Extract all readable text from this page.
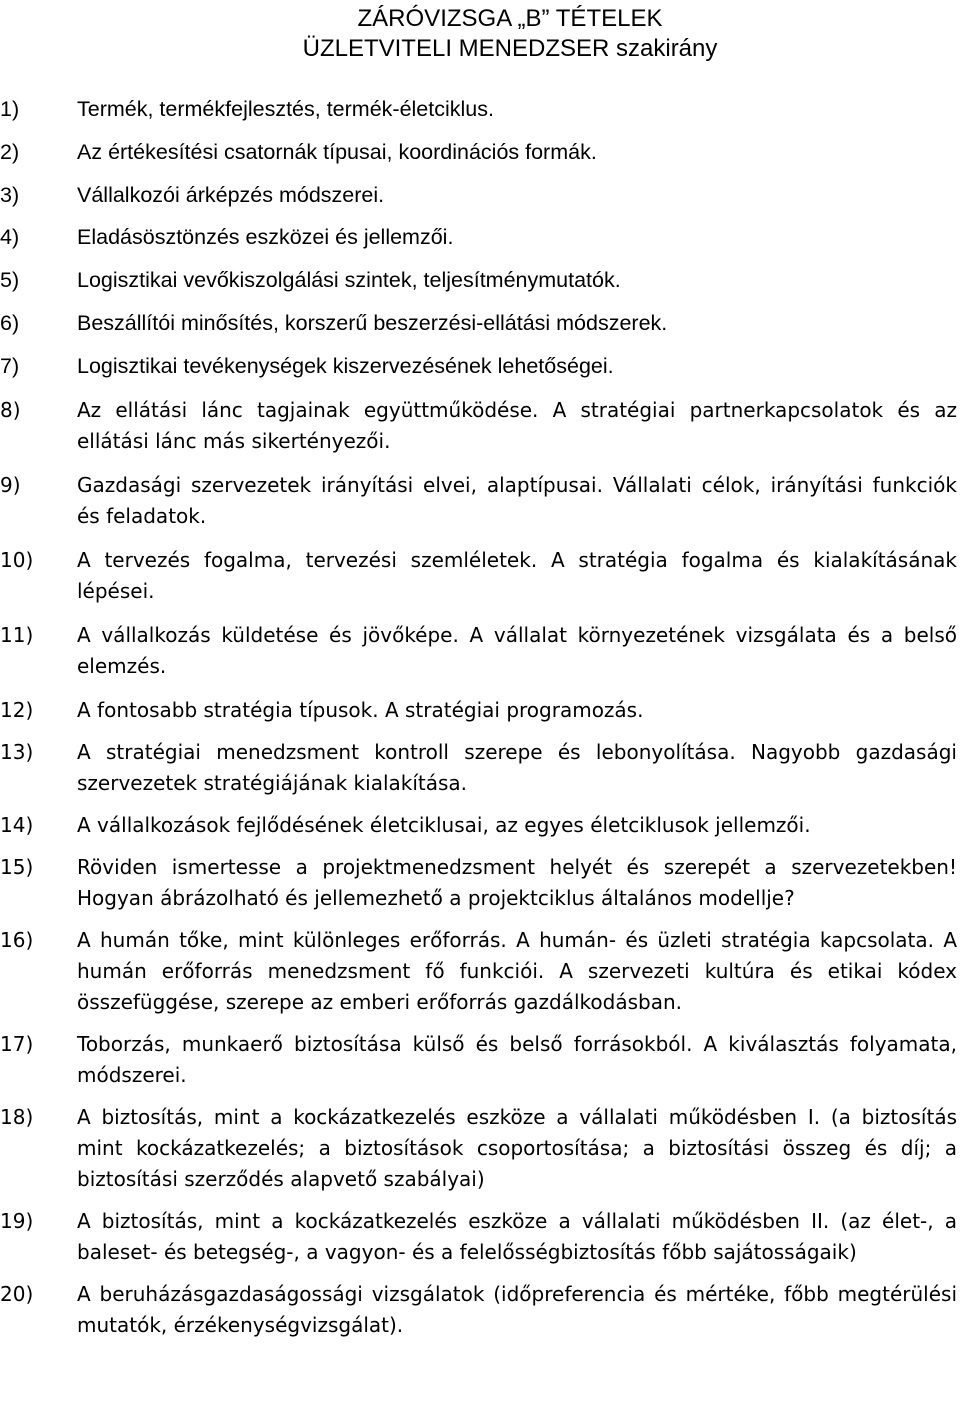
ZÁRÓVIZSGA „B” TÉTELEK
ÜZLETVITELI MENEDZSER szakirány
1)	Termék, termékfejlesztés, termék-életciklus.
2)	Az értékesítési csatornák típusai, koordinációs formák.
3)	Vállalkozói árképzés módszerei.
4)	Eladásösztönzés eszközei és jellemzői.
5)	Logisztikai vevőkiszolgálási szintek, teljesítménymutatók.
6)	Beszállítói minősítés, korszerű beszerzési-ellátási módszerek.
7)	Logisztikai tevékenységek kiszervezésének lehetőségei.
8)	Az ellátási lánc tagjainak együttműködése. A stratégiai partnerkapcsolatok és az ellátási lánc más sikertényezői.
9)	Gazdasági szervezetek irányítási elvei, alaptípusai. Vállalati célok, irányítási funkciók és feladatok.
10)	A tervezés fogalma, tervezési szemléletek. A stratégia fogalma és kialakításának lépései.
11)	A vállalkozás küldetése és jövőképe. A vállalat környezetének vizsgálata és a belső elemzés.
12)	A fontosabb stratégia típusok. A stratégiai programozás.
13)	A stratégiai menedzsment kontroll szerepe és lebonyolítása. Nagyobb gazdasági szervezetek stratégiájának kialakítása.
14)	A vállalkozások fejlődésének életciklusai, az egyes életciklusok jellemzői.
15)	Röviden ismertesse a projektmenedzsment helyét és szerepét a szervezetekben! Hogyan ábrázolható és jellemezhető a projektciklus általános modellje?
16)	A humán tőke, mint különleges erőforrás. A humán- és üzleti stratégia kapcsolata. A humán erőforrás menedzsment fő funkciói. A szervezeti kultúra és etikai kódex összefüggése, szerepe az emberi erőforrás gazdálkodásban.
17)	Toborzás, munkaerő biztosítása külső és belső forrásokból. A kiválasztás folyamata, módszerei.
18)	A biztosítás, mint a kockázatkezelés eszköze a vállalati működésben I. (a biztosítás mint kockázatkezelés; a biztosítások csoportosítása; a biztosítási összeg és díj; a biztosítási szerződés alapvető szabályai)
19)	A biztosítás, mint a kockázatkezelés eszköze a vállalati működésben II. (az élet-, a baleset- és betegség-, a vagyon- és a felelősségbiztosítás főbb sajátosságaik)
20)	A beruházásgazdaságossági vizsgálatok (időpreferencia és mértéke, főbb megtérülési mutatók, érzékenységvizsgálat).
